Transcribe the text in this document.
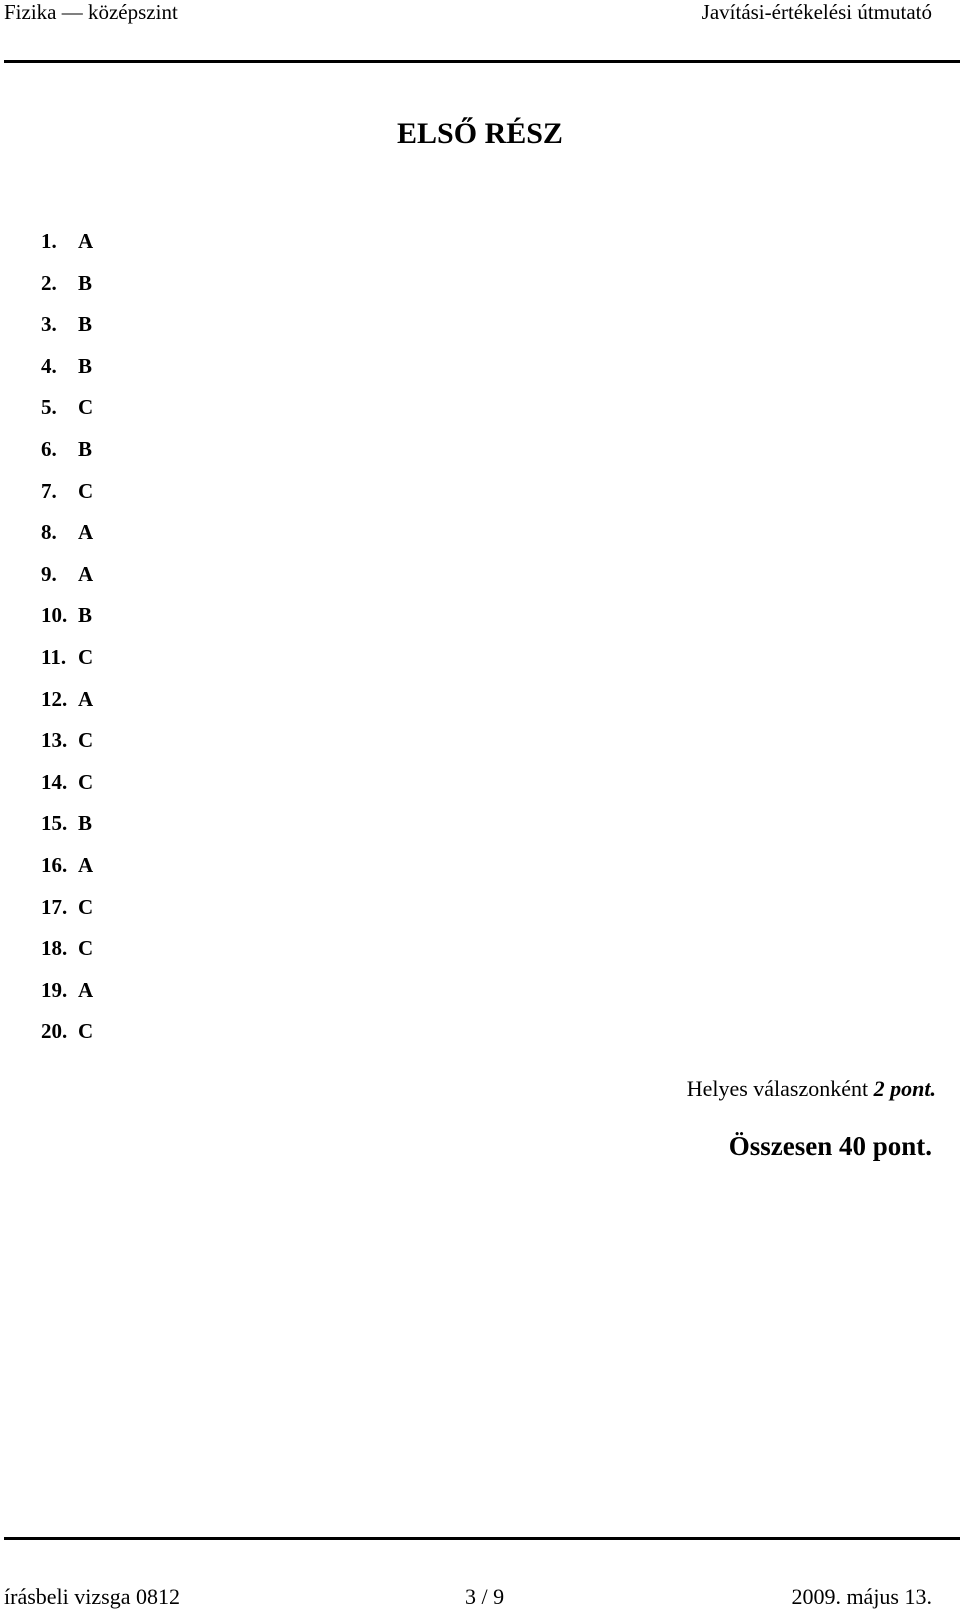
Fizika — középszint	Javítási-értékelési útmutató
ELSŐ RÉSZ
1. A
2. B
3. B
4. B
5. C
6. B
7. C
8. A
9. A
10. B
11. C
12. A
13. C
14. C
15. B
16. A
17. C
18. C
19. A
20. C
Helyes válaszonként 2 pont.
Összesen 40 pont.
írásbeli vizsga 0812	3 / 9	2009. május 13.
